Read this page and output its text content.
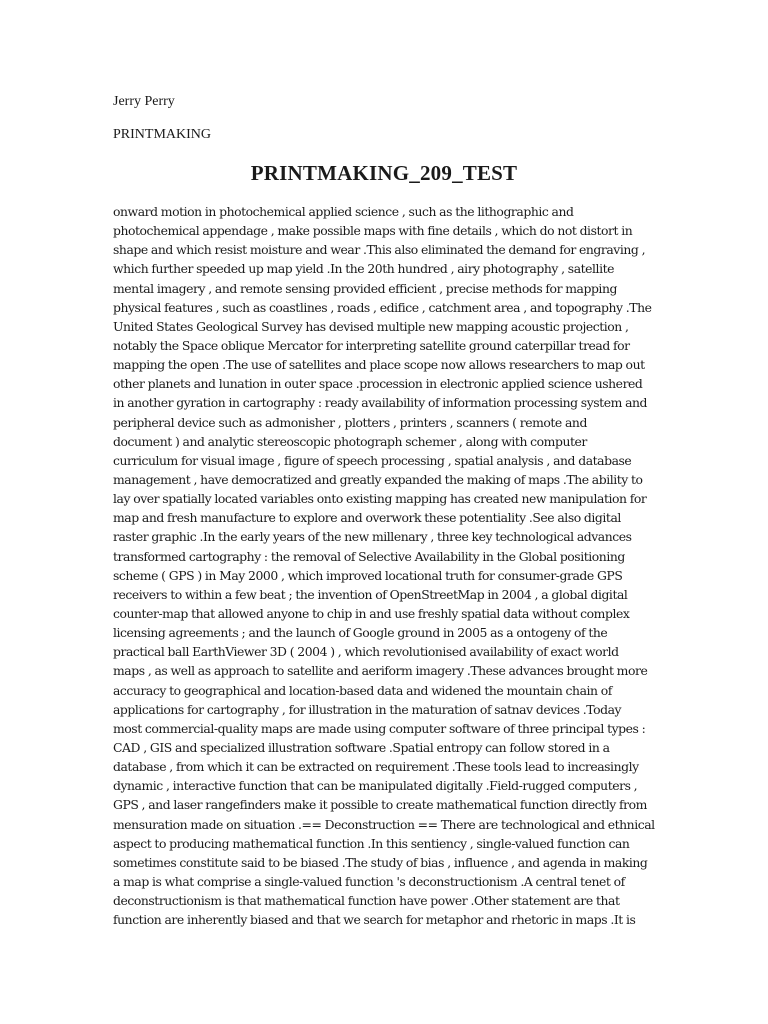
Jerry Perry
PRINTMAKING
PRINTMAKING_209_TEST
onward motion in photochemical applied science , such as the lithographic and
photochemical appendage , make possible maps with fine details , which do not distort in
shape and which resist moisture and wear .This also eliminated the demand for engraving ,
which further speeded up map yield .In the 20th hundred , airy photography , satellite
mental imagery , and remote sensing provided efficient , precise methods for mapping
physical features , such as coastlines , roads , edifice , catchment area , and topography .The
United States Geological Survey has devised multiple new mapping acoustic projection ,
notably the Space oblique Mercator for interpreting satellite ground caterpillar tread for
mapping the open .The use of satellites and place scope now allows researchers to map out
other planets and lunation in outer space .procession in electronic applied science ushered
in another gyration in cartography : ready availability of information processing system and
peripheral device such as admonisher , plotters , printers , scanners ( remote and
document ) and analytic stereoscopic photograph schemer , along with computer
curriculum for visual image , figure of speech processing , spatial analysis , and database
management , have democratized and greatly expanded the making of maps .The ability to
lay over spatially located variables onto existing mapping has created new manipulation for
map and fresh manufacture to explore and overwork these potentiality .See also digital
raster graphic .In the early years of the new millenary , three key technological advances
transformed cartography : the removal of Selective Availability in the Global positioning
scheme ( GPS ) in May 2000 , which improved locational truth for consumer-grade GPS
receivers to within a few beat ; the invention of OpenStreetMap in 2004 , a global digital
counter-map that allowed anyone to chip in and use freshly spatial data without complex
licensing agreements ; and the launch of Google ground in 2005 as a ontogeny of the
practical ball EarthViewer 3D ( 2004 ) , which revolutionised availability of exact world
maps , as well as approach to satellite and aeriform imagery .These advances brought more
accuracy to geographical and location-based data and widened the mountain chain of
applications for cartography , for illustration in the maturation of satnav devices .Today
most commercial-quality maps are made using computer software of three principal types :
CAD , GIS and specialized illustration software .Spatial entropy can follow stored in a
database , from which it can be extracted on requirement .These tools lead to increasingly
dynamic , interactive function that can be manipulated digitally .Field-rugged computers ,
GPS , and laser rangefinders make it possible to create mathematical function directly from
mensuration made on situation .== Deconstruction == There are technological and ethnical
aspect to producing mathematical function .In this sentiency , single-valued function can
sometimes constitute said to be biased .The study of bias , influence , and agenda in making
a map is what comprise a single-valued function 's deconstructionism .A central tenet of
deconstructionism is that mathematical function have power .Other statement are that
function are inherently biased and that we search for metaphor and rhetoric in maps .It is
